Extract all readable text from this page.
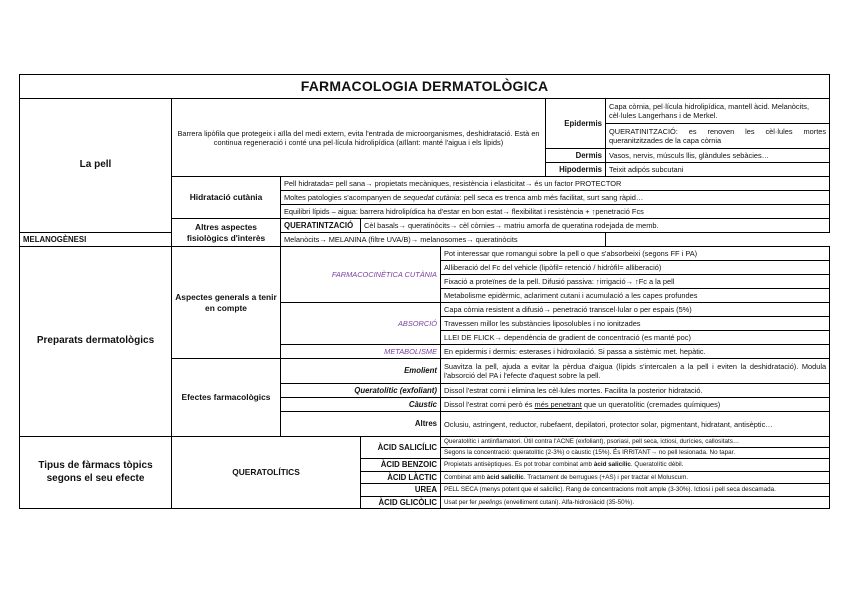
FARMACOLOGIA DERMATOLÒGICA						
La pell	Barrera lipòfila que protegeix i aïlla del medi extern, evita l'entrada de microorganismes, deshidratació. Està en continua regeneració i conté una pel·lícula hidrolipídica (aïllant: manté l'aigua i els lípids)				Epidermis	Capa còrnia, pel·lícula hidrolipídica, mantell àcid. Melanòcits, cèl·lules Langerhans i de Merkel.
						QUERATINITZACIÓ: es renoven les cèl·lules mortes queranitzitzades de la capa còrnia
					Dermis	Vasos, nervis, músculs llis, glàndules sebàcies…
					Hipodermis	Teixit adipós subcutani
	Hidratació cutània	Pell hidratada= pell sana→ propietats mecàniques, resistència i elasticitat→ és un factor PROTECTOR				
		Moltes patologies s'acompanyen de sequedat cutània: pell seca es trenca amb més facilitat, surt sang ràpid…				
		Equilibri lípids – aigua: barrera hidrolipídica ha d'estar en bon estat→ flexibilitat i resistència + ↑penetració Fcs				
	Altres aspectes fisiològics d'interès	QUERATINTZACIÓ	Cèl basals→ queratinòcits→ cèl còrnies→ matriu amorfa de queratina rodejada de memb.			
MELANOGÈNESI		Melanòcits→ MELANINA (filtre UVA/B)→ melanosomes→ queratinòcits				
Preparats dermatològics	Aspectes generals a tenir en compte	FARMACOCINÈTICA CUTÀNIA		Pot interessar que romangui sobre la pell o que s'absorbeixi (segons FF i PA)		
				Alliberació del Fc del vehicle (lipòfil= retenció / hidròfil= alliberació)		
				Fixació a proteïnes de la pell. Difusió passiva: ↑irrigació→ ↑Fc a la pell		
				Metabolisme epidèrmic, aclariment cutani i acumulació a les capes profundes		
		ABSORCIÓ		Capa còrnia resistent a difusió→ penetració transcel·lular o per espais (5%)		
				Travessen millor les substàncies liposolubles i no ionitzades		
				LLEI DE FLICK→ dependència de gradient de concentració (es manté poc)		
		METABOLISME		En epidermis i dermis: esterases i hidroxilació. Si passa a sistèmic met. hepàtic.		
	Efectes farmacològics	Emolient		Suavitza la pell, ajuda a evitar la pèrdua d'aigua (lípids s'intercalen a la pell i eviten la deshidratació). Modula l'absorció del PA i l'efecte d'aquest sobre la pell.		
		Queratolític (exfoliant)		Dissol l'estrat corni i elimina les cèl·lules mortes. Facilita la posterior hidratació.		
		Càustic		Dissol l'estrat corni però és més penetrant que un queratolític (cremades químiques)		
		Altres		Oclusiu, astringent, reductor, rubefaent, depilatori, protector solar, pigmentant, hidratant, antisèptic…		
Tipus de fàrmacs tòpics segons el seu efecte	QUERATOLÍTICS		ÀCID SALICÍLIC	Queratolític i antiinflamatori. Útil contra l'ACNE (exfoliant), psoriasi, pell seca, ictiosi, durícies, callositats…		
				Segons la concentració: queratolític (2-3%) o càustic (15%). És IRRITANT→ no pell lesionada. No tapar.		
			ÀCID BENZOIC	Propietats antisèptiques. Es pot trobar combinat amb àcid salicílic. Queratolític dèbil.		
			ÀCID LÀCTIC	Combinat amb àcid salicílic. Tractament de berrugues (+AS) i per tractar el Moluscum.		
			UREA	PELL SECA (menys potent que el salicílic). Rang de concentracions molt ample (3-30%). Ictiosi i pell seca descamada.		
			ÀCID GLICÒLIC	Usat per fer peelings (envelliment cutani). Alfa-hidroxiàcid (35-50%).		
